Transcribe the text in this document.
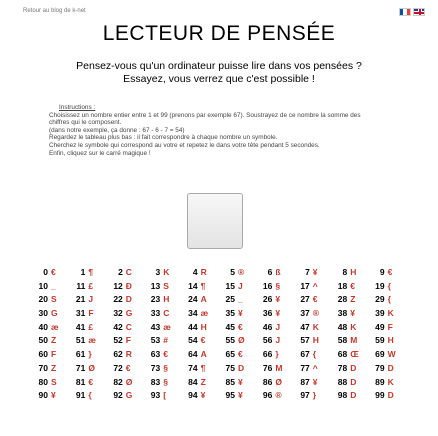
Retour au blog de k-net
LECTEUR DE PENSÉE
Pensez-vous qu'un ordinateur puisse lire dans vos pensées ?
Essayez, vous verrez que c'est possible !

Instructions :

Choisissez un nombre entier entre 1 et 99 (prenons par exemple 67). Soustrayez de ce nombre la somme des chiffres qui le composent.

(dans notre exemple, ça donne : 67 - 6 - 7 = 54)

Regardez le tableau plus bas : il fait correspondre à chaque nombre un symbole.

Cherchez le symbole qui correspond au votre et repetez le dans votre tête pendant 5 secondes.

Enfin, cliquez sur le carré magique !

0 €	1 ¶	2 C	3 K	4 R	5 ®	6 ß	7 ¥	8 H	9 €
10 _	11 £	12 Ð	13 S	14 ¶	15 J	16 §	17 ^	18 €	19 {
20 S	21 J	22 D	23 H	24 A	25 _	26 ¥	27 €	28 Z	29 {
30 G	31 F	32 G	33 C	34 æ	35 ¥	36 ¥	37 ®	38 ¥	39 K
40 æ	41 £	42 C	43 æ	44 H	45 €	46 J	47 K	48 K	49 F
50 Z	51 æ	52 F	53 #	54 €	55 Ø	56 J	57 H	58 M	59 H
60 F	61 }	62 R	63 €	64 A	65 €	66 }	67 {	68 Œ	69 W
70 Z	71 Ø	72 €	73 §	74 ¶	75 D	76 M	77 ^	78 D	79 D
80 S	81 €	82 Ø	83 §	84 Z	85 ¥	86 Ø	87 ¥	88 D	89 K
90 ¥	91 {	92 G	93 [	94 ¥	95 ¥	96 ®	97 }	98 D	99 D
